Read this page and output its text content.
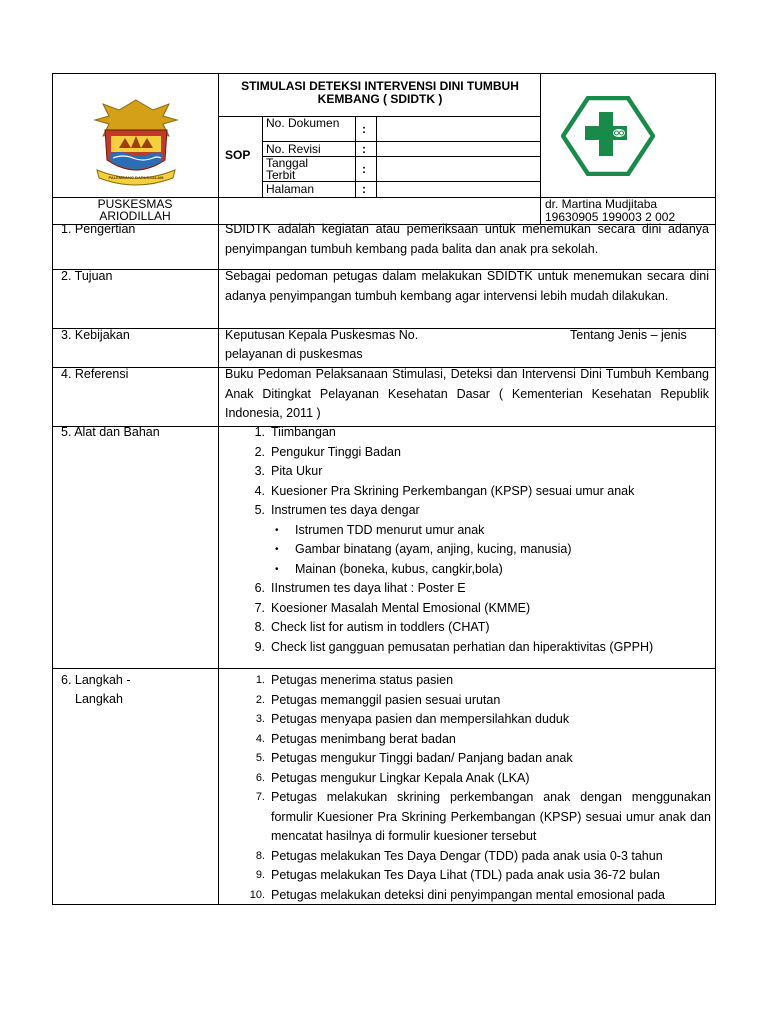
PALEMBANG DARUSSALAM
STIMULASI DETEKSI INTERVENSI DINI TUMBUH KEMBANG ( SDIDTK )
SOP
No. Dokumen	:
No. Revisi	:
Tanggal Terbit	:
Halaman	:
PUSKESMAS ARIODILLAH
dr. Martina Mudjitaba
19630905 199003 2 002
1. Pengertian	SDIDTK adalah kegiatan atau pemeriksaan untuk menemukan secara dini adanya penyimpangan tumbuh kembang pada balita dan anak pra sekolah.

2. Tujuan	Sebagai pedoman petugas dalam melakukan SDIDTK untuk menemukan secara dini adanya penyimpangan tumbuh kembang agar intervensi lebih mudah dilakukan.

3. Kebijakan	Keputusan Kepala Puskesmas No.	Tentang Jenis – jenis
pelayanan di puskesmas
4. Referensi	Buku Pedoman Pelaksanaan Stimulasi, Deteksi dan Intervensi Dini Tumbuh Kembang Anak Ditingkat Pelayanan Kesehatan Dasar ( Kementerian Kesehatan Republik Indonesia, 2011 )

5. Alat dan Bahan	1. Tiimbangan
2. Pengukur Tinggi Badan
3. Pita Ukur
4. Kuesioner Pra Skrining Perkembangan (KPSP) sesuai umur anak
5. Instrumen tes daya dengar
• Istrumen TDD menurut umur anak
• Gambar binatang (ayam, anjing, kucing, manusia)
• Mainan (boneka, kubus, cangkir,bola)
6. IInstrumen tes daya lihat : Poster E
7. Koesioner Masalah Mental Emosional (KMME)
8. Check list for autism in toddlers (CHAT)
9. Check list gangguan pemusatan perhatian dan hiperaktivitas (GPPH)
6. Langkah -
Langkah
1. Petugas menerima status pasien
2. Petugas memanggil pasien sesuai urutan
3. Petugas menyapa pasien dan mempersilahkan duduk
4. Petugas menimbang berat badan
5. Petugas mengukur Tinggi badan/ Panjang badan anak
6. Petugas mengukur Lingkar Kepala Anak (LKA)
7. Petugas melakukan skrining perkembangan anak dengan menggunakan formulir Kuesioner Pra Skrining Perkembangan (KPSP) sesuai umur anak dan mencatat hasilnya di formulir kuesioner tersebut
8. Petugas melakukan Tes Daya Dengar (TDD) pada anak usia 0-3 tahun
9. Petugas melakukan Tes Daya Lihat (TDL) pada anak usia 36-72 bulan
10. Petugas melakukan deteksi dini penyimpangan mental emosional pada
